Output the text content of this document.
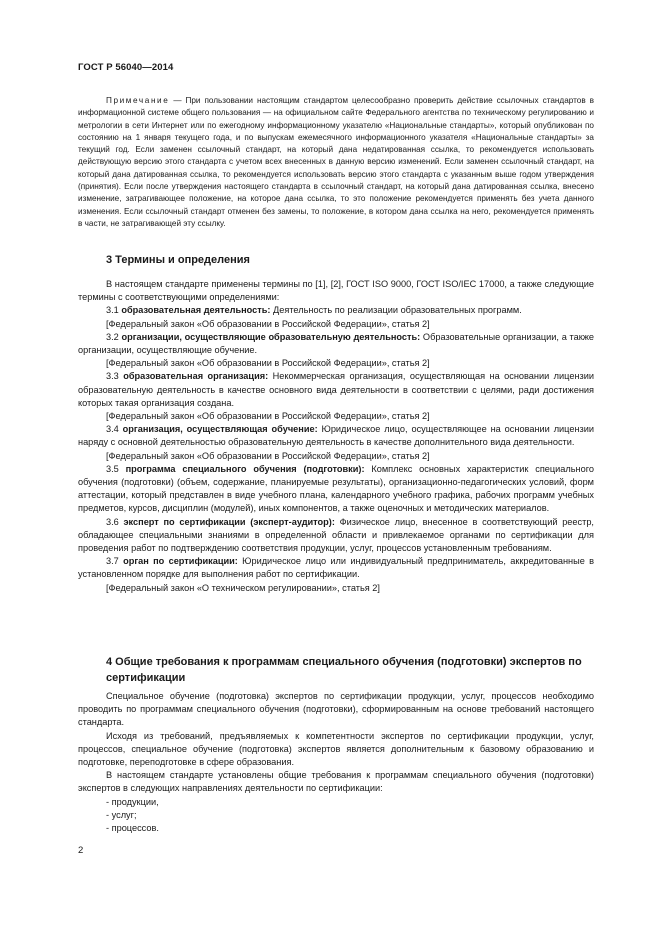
ГОСТ Р 56040—2014

Примечание — При пользовании настоящим стандартом целесообразно проверить действие ссылочных стандартов в информационной системе общего пользования — на официальном сайте Федерального агентства по техническому регулированию и метрологии в сети Интернет или по ежегодному информационному указателю «Национальные стандарты», который опубликован по состоянию на 1 января текущего года, и по выпускам ежемесячного информационного указателя «Национальные стандарты» за текущий год. Если заменен ссылочный стандарт, на который дана недатированная ссылка, то рекомендуется использовать действующую версию этого стандарта с учетом всех внесенных в данную версию изменений. Если заменен ссылочный стандарт, на который дана датированная ссылка, то рекомендуется использовать версию этого стандарта с указанным выше годом утверждения (принятия). Если после утверждения настоящего стандарта в ссылочный стандарт, на который дана датированная ссылка, внесено изменение, затрагивающее положение, на которое дана ссылка, то это положение рекомендуется применять без учета данного изменения. Если ссылочный стандарт отменен без замены, то положение, в котором дана ссылка на него, рекомендуется применять в части, не затрагивающей эту ссылку.

3 Термины и определения

В настоящем стандарте применены термины по [1], [2], ГОСТ ISO 9000, ГОСТ ISO/IEC 17000, а также следующие термины с соответствующими определениями:

3.1 образовательная деятельность: Деятельность по реализации образовательных программ.

[Федеральный закон «Об образовании в Российской Федерации», статья 2]

3.2 организации, осуществляющие образовательную деятельность: Образовательные организации, а также организации, осуществляющие обучение.

[Федеральный закон «Об образовании в Российской Федерации», статья 2]

3.3 образовательная организация: Некоммерческая организация, осуществляющая на основании лицензии образовательную деятельность в качестве основного вида деятельности в соответствии с целями, ради достижения которых такая организация создана.

[Федеральный закон «Об образовании в Российской Федерации», статья 2]

3.4 организация, осуществляющая обучение: Юридическое лицо, осуществляющее на основании лицензии наряду с основной деятельностью образовательную деятельность в качестве дополнительного вида деятельности.

[Федеральный закон «Об образовании в Российской Федерации», статья 2]

3.5 программа специального обучения (подготовки): Комплекс основных характеристик специального обучения (подготовки) (объем, содержание, планируемые результаты), организационно-педагогических условий, форм аттестации, который представлен в виде учебного плана, календарного учебного графика, рабочих программ учебных предметов, курсов, дисциплин (модулей), иных компонентов, а также оценочных и методических материалов.

3.6 эксперт по сертификации (эксперт-аудитор): Физическое лицо, внесенное в соответствующий реестр, обладающее специальными знаниями в определенной области и привлекаемое органами по сертификации для проведения работ по подтверждению соответствия продукции, услуг, процессов установленным требованиям.

3.7 орган по сертификации: Юридическое лицо или индивидуальный предприниматель, аккредитованные в установленном порядке для выполнения работ по сертификации.

[Федеральный закон «О техническом регулировании», статья 2]

4 Общие требования к программам специального обучения (подготовки) экспертов по сертификации

Специальное обучение (подготовка) экспертов по сертификации продукции, услуг, процессов необходимо проводить по программам специального обучения (подготовки), сформированным на основе требований настоящего стандарта.

Исходя из требований, предъявляемых к компетентности экспертов по сертификации продукции, услуг, процессов, специальное обучение (подготовка) экспертов является дополнительным к базовому образованию и подготовке, переподготовке в сфере образования.

В настоящем стандарте установлены общие требования к программам специального обучения (подготовки) экспертов в следующих направлениях деятельности по сертификации:

- продукции,

- услуг;

- процессов.

2
